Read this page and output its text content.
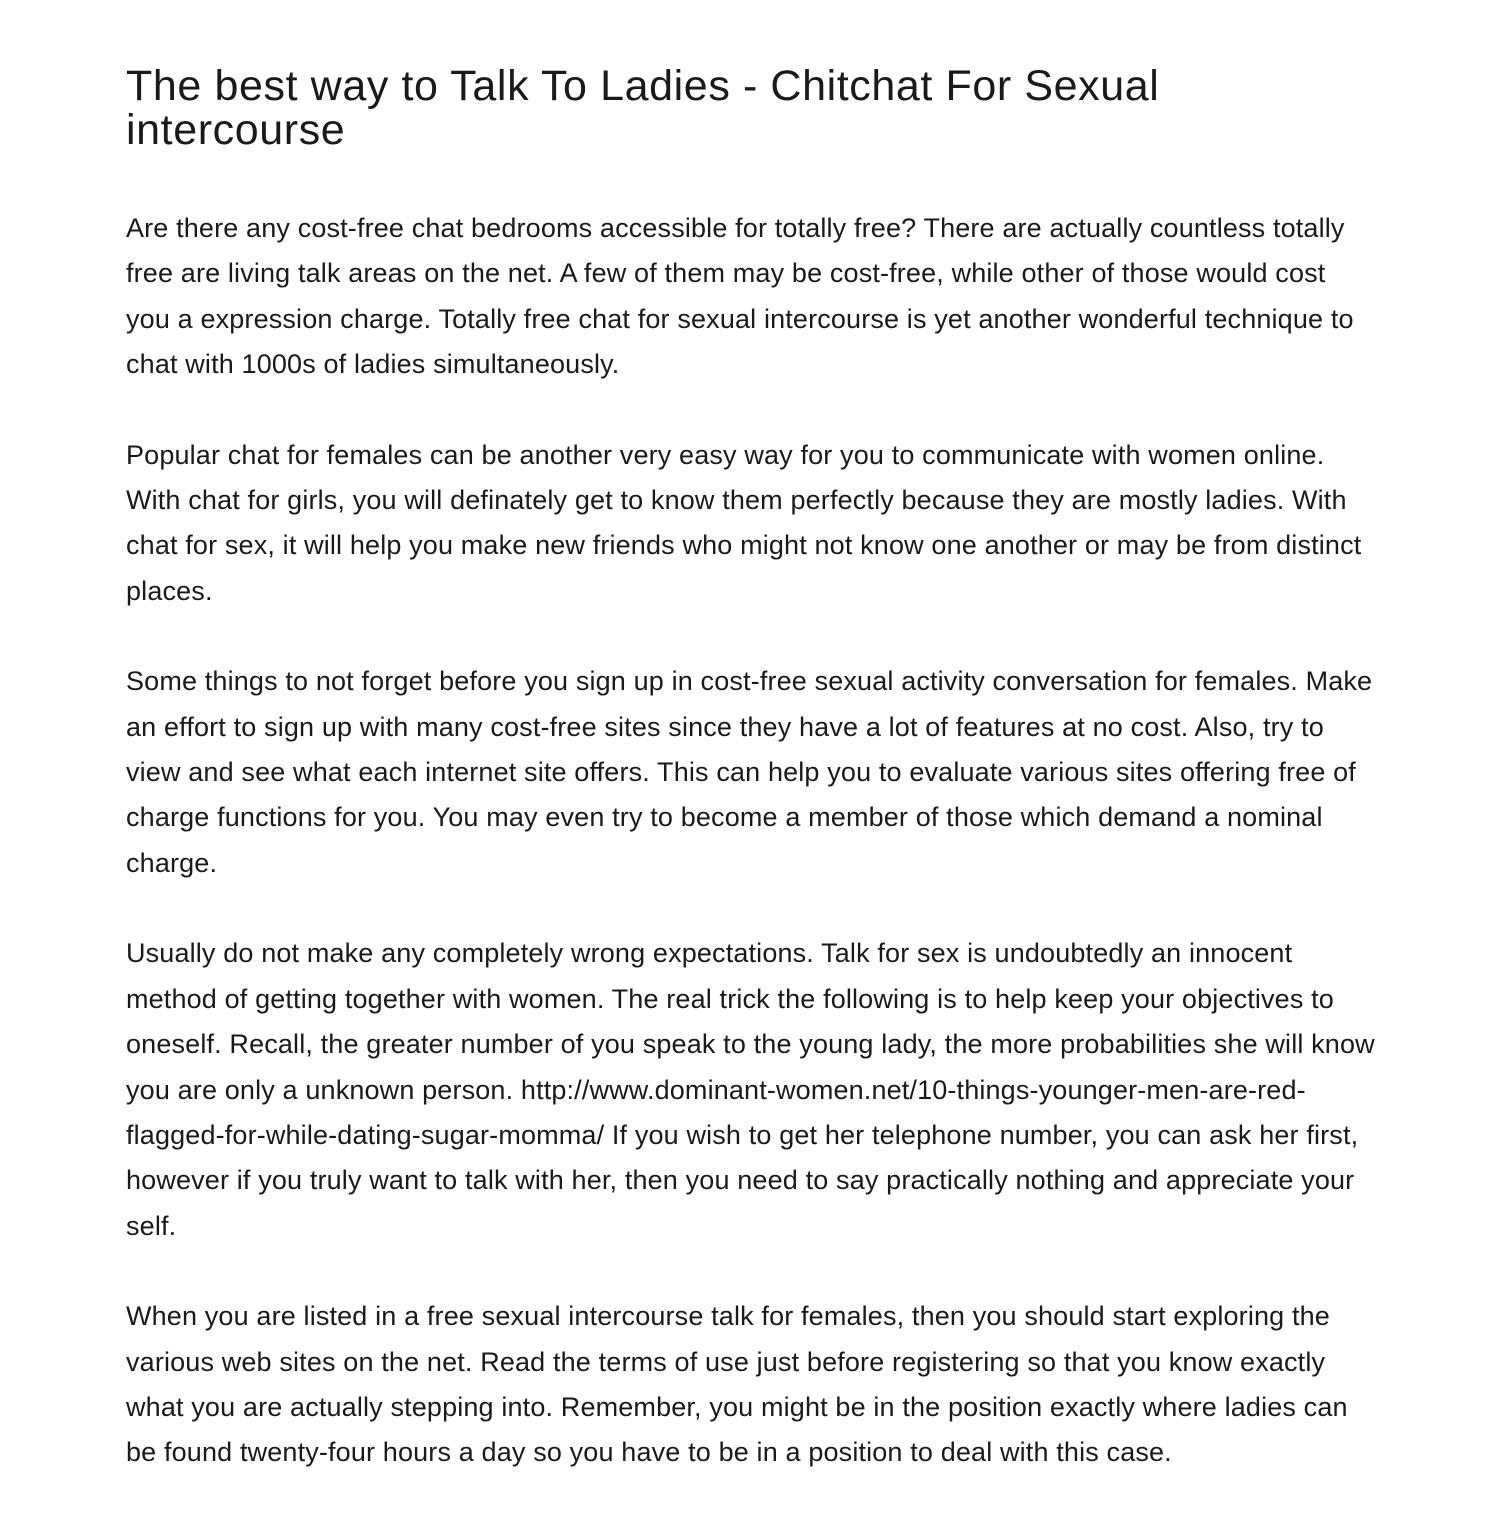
The best way to Talk To Ladies - Chitchat For Sexual intercourse

Are there any cost-free chat bedrooms accessible for totally free? There are actually countless totally free are living talk areas on the net. A few of them may be cost-free, while other of those would cost you a expression charge. Totally free chat for sexual intercourse is yet another wonderful technique to chat with 1000s of ladies simultaneously.

Popular chat for females can be another very easy way for you to communicate with women online. With chat for girls, you will definately get to know them perfectly because they are mostly ladies. With chat for sex, it will help you make new friends who might not know one another or may be from distinct places.

Some things to not forget before you sign up in cost-free sexual activity conversation for females. Make an effort to sign up with many cost-free sites since they have a lot of features at no cost. Also, try to view and see what each internet site offers. This can help you to evaluate various sites offering free of charge functions for you. You may even try to become a member of those which demand a nominal charge.

Usually do not make any completely wrong expectations. Talk for sex is undoubtedly an innocent method of getting together with women. The real trick the following is to help keep your objectives to oneself. Recall, the greater number of you speak to the young lady, the more probabilities she will know you are only a unknown person. http://www.dominant-women.net/10-things-younger-men-are-red-flagged-for-while-dating-sugar-momma/ If you wish to get her telephone number, you can ask her first, however if you truly want to talk with her, then you need to say practically nothing and appreciate your self.

When you are listed in a free sexual intercourse talk for females, then you should start exploring the various web sites on the net. Read the terms of use just before registering so that you know exactly what you are actually stepping into. Remember, you might be in the position exactly where ladies can be found twenty-four hours a day so you have to be in a position to deal with this case.
